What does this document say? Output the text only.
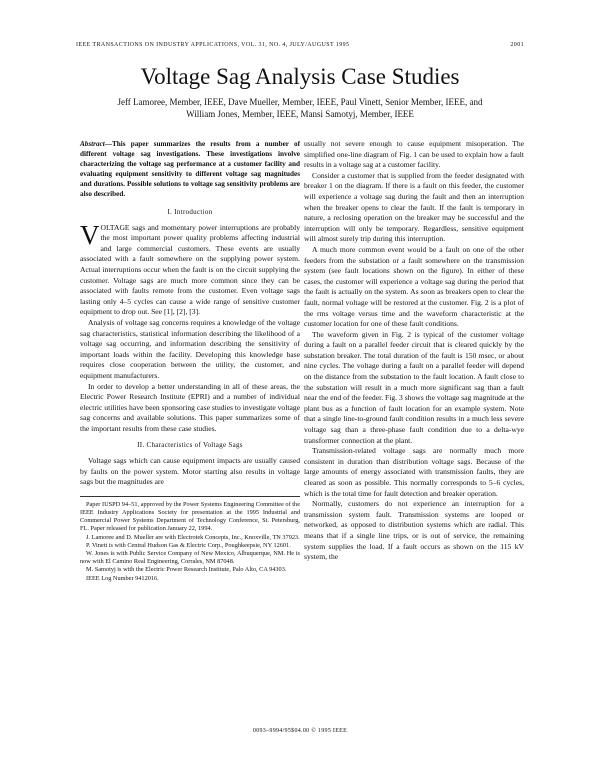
IEEE TRANSACTIONS ON INDUSTRY APPLICATIONS, VOL. 31, NO. 4, JULY/AUGUST 1995	2001
Voltage Sag Analysis Case Studies
Jeff Lamoree, Member, IEEE, Dave Mueller, Member, IEEE, Paul Vinett, Senior Member, IEEE, and
William Jones, Member, IEEE, Mansi Samotyj, Member, IEEE
Abstract—This paper summarizes the results from a number of different voltage sag investigations. These investigations involve characterizing the voltage sag performance at a customer facility and evaluating equipment sensitivity to different voltage sag magnitudes and durations. Possible solutions to voltage sag sensitivity problems are also described.
I. Introduction

VOLTAGE sags and momentary power interruptions are probably the most important power quality problems affecting industrial and large commercial customers. These events are usually associated with a fault somewhere on the supplying power system. Actual interruptions occur when the fault is on the circuit supplying the customer. Voltage sags are much more common since they can be associated with faults remote from the customer. Even voltage sags lasting only 4–5 cycles can cause a wide range of sensitive customer equipment to drop out. See [1], [2], [3].

Analysis of voltage sag concerns requires a knowledge of the voltage sag characteristics, statistical information describing the likelihood of a voltage sag occurring, and information describing the sensitivity of important loads within the facility. Developing this knowledge base requires close cooperation between the utility, the customer, and equipment manufacturers.

In order to develop a better understanding in all of these areas, the Electric Power Research Institute (EPRI) and a number of individual electric utilities have been sponsoring case studies to investigate voltage sag concerns and available solutions. This paper summarizes some of the important results from these case studies.

II. Characteristics of Voltage Sags

Voltage sags which can cause equipment impacts are usually caused by faults on the power system. Motor starting also results in voltage sags but the magnitudes are

Paper IUSPD 94–51, approved by the Power Systems Engineering Committee of the IEEE Industry Applications Society for presentation at the 1995 Industrial and Commercial Power Systems Department of Technology Conference, St. Petersburg, FL. Paper released for publication January 22, 1994.

J. Lamoree and D. Mueller are with Electrotek Concepts, Inc., Knoxville, TN 37923.

P. Vinett is with Central Hudson Gas & Electric Corp., Poughkeepsie, NY 12601.

W. Jones is with Public Service Company of New Mexico, Albuquerque, NM. He is now with El Camino Real Engineering, Corrales, NM 87048.

M. Samotyj is with the Electric Power Research Institute, Palo Alto, CA 94303.

IEEE Log Number 9412016.

usually not severe enough to cause equipment misoperation. The simplified one-line diagram of Fig. 1 can be used to explain how a fault results in a voltage sag at a customer facility.

Consider a customer that is supplied from the feeder designated with breaker 1 on the diagram. If there is a fault on this feeder, the customer will experience a voltage sag during the fault and then an interruption when the breaker opens to clear the fault. If the fault is temporary in nature, a reclosing operation on the breaker may be successful and the interruption will only be temporary. Regardless, sensitive equipment will almost surely trip during this interruption.

A much more common event would be a fault on one of the other feeders from the substation or a fault somewhere on the transmission system (see fault locations shown on the figure). In either of these cases, the customer will experience a voltage sag during the period that the fault is actually on the system. As soon as breakers open to clear the fault, normal voltage will be restored at the customer. Fig. 2 is a plot of the rms voltage versus time and the waveform characteristic at the customer location for one of these fault conditions.

The waveform given in Fig. 2 is typical of the customer voltage during a fault on a parallel feeder circuit that is cleared quickly by the substation breaker. The total duration of the fault is 150 msec, or about nine cycles. The voltage during a fault on a parallel feeder will depend on the distance from the substation to the fault location. A fault close to the substation will result in a much more significant sag than a fault near the end of the feeder. Fig. 3 shows the voltage sag magnitude at the plant bus as a function of fault location for an example system. Note that a single line-to-ground fault condition results in a much less severe voltage sag than a three-phase fault condition due to a delta-wye transformer connection at the plant.

Transmission-related voltage sags are normally much more consistent in duration than distribution voltage sags. Because of the large amounts of energy associated with transmission faults, they are cleared as soon as possible. This normally corresponds to 5–6 cycles, which is the total time for fault detection and breaker operation.

Normally, customers do not experience an interruption for a transmission system fault. Transmission systems are looped or networked, as opposed to distribution systems which are radial. This means that if a single line trips, or is out of service, the remaining system supplies the load. If a fault occurs as shown on the 115 kV system, the

0093–9994/95$04.00 © 1995 IEEE
